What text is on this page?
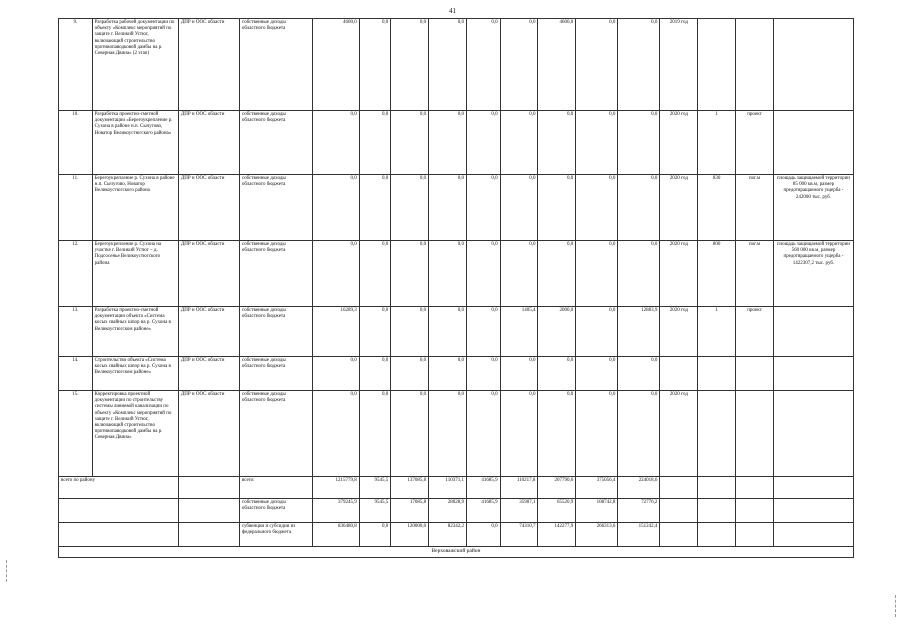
41
9.	Разработка рабочей документации по объекту «Комплекс мероприятий по защите г. Великий Устюг, включающий строительство противопаводковой дамбы на р. Северная Двина» (2 этап)	ДПР и ООС области	собственные доходы областного бюджета	4600,0	0,0	0,0	0,0	0,0	0,0	4600,0	0,0	0,0	2019 год			
10.	Разработка проектно-сметной документации «Берегоукрепление р. Сухона в районе н.п. Сычугово, Новатор Великоустюгского района»	ДПР и ООС области	собственные доходы областного бюджета	0,0	0,0	0,0	0,0	0,0	0,0	0,0	0,0	0,0	2020 год	1	проект	
11.	Берегоукрепление р. Сухона в районе н.п. Сычугово, Новатор Великоустюгского района	ДПР и ООС области	собственные доходы областного бюджета	0,0	0,0	0,0	0,0	0,0	0,0	0,0	0,0	0,0	2020 год	830	пог.м	площадь защищаемой территории 85 000 кв.м, размер предотвращаемого ущерба - 242000 тыс. руб.
12.	Берегоукрепление р. Сухона на участке г. Великий Устюг – д. Подсосенье Великоустюгского района	ДПР и ООС области	собственные доходы областного бюджета	0,0	0,0	0,0	0,0	0,0	0,0	0,0	0,0	0,0	2020 год	800	пог.м	площадь защищаемой территории 560 000 кв.м, размер предотвращаемого ущерба - 1422307,2 тыс. руб.
13.	Разработка проектно-сметной документации объекта «Система косых свайных шпор на р. Сухона в Великоустюгском районе»	ДПР и ООС области	собственные доходы областного бюджета	16289,3	0,0	0,0	0,0	0,0	1405,4	2000,0	0,0	12883,9	2020 год	1	проект	
14.	Строительство объекта «Система косых свайных шпор на р. Сухона в Великоустюгском районе»	ДПР и ООС области	собственные доходы областного бюджета	0,0	0,0	0,0	0,0	0,0	0,0	0,0	0,0	0,0				
15.	Корректировка проектной документации по строительству системы ливневой канализации по объекту «Комплекс мероприятий по защите г. Великий Устюг, включающий строительство противопаводковой дамбы на р. Северная Двина»	ДПР и ООС области	собственные доходы областного бюджета	0,0	0,0	0,0	0,0	0,0	0,0	0,0	0,0	0,0	2020 год			
всего по району			всего:	1215779,8	9545,5	137085,8	110371,1	41685,9	110217,8	207790,6	375056,4	224018,6				
			собственные доходы областного бюджета	379245,9	9545,5	17085,8	28028,9	41685,9	35907,1	65520,9	108742,8	72776,2				
			субвенции и субсидии из федерального бюджета	836480,8	0,0	120000,0	82342,2	0,0	74310,7	142277,9	266313,6	151242,4				
Верховажский район																
